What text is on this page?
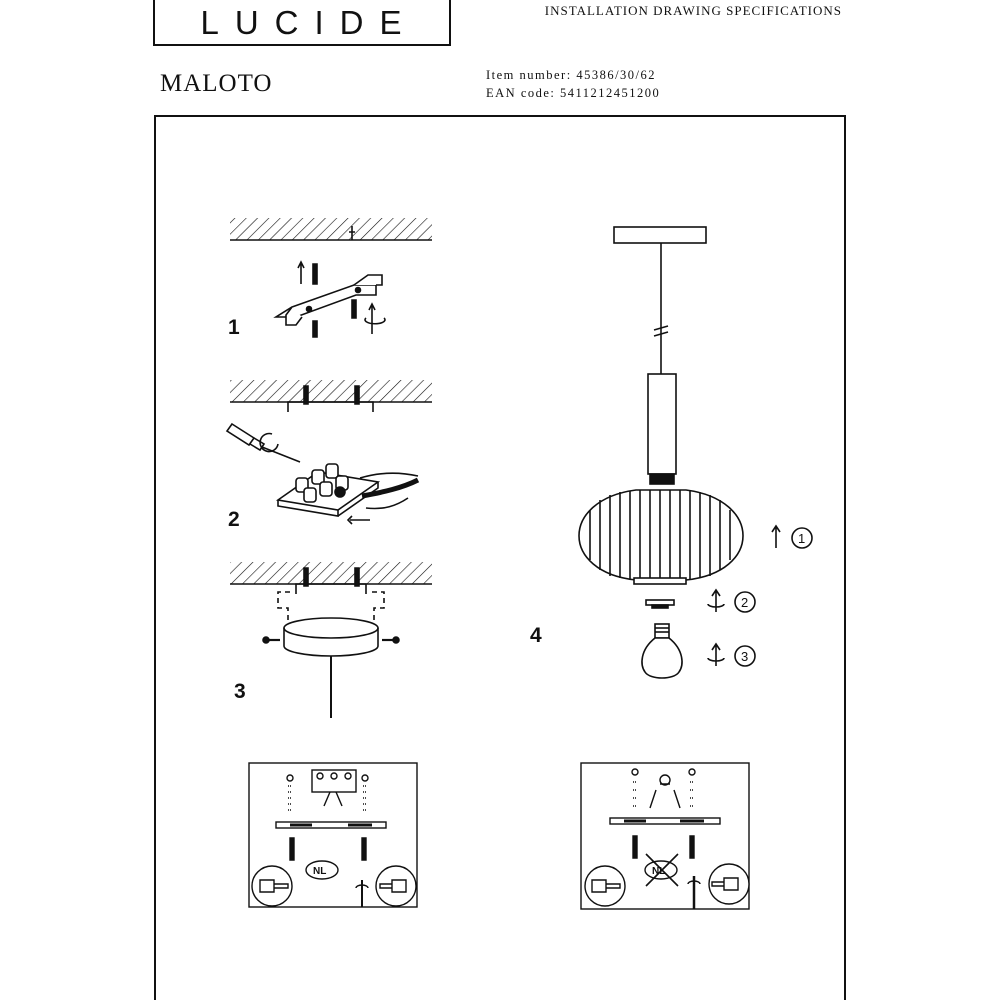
LUCIDE	INSTALLATION DRAWING SPECIFICATIONS
MALOTO	Item number: 45386/30/62
EAN code: 5411212451200
1
2
3
1
2
3
4
NL	NL
